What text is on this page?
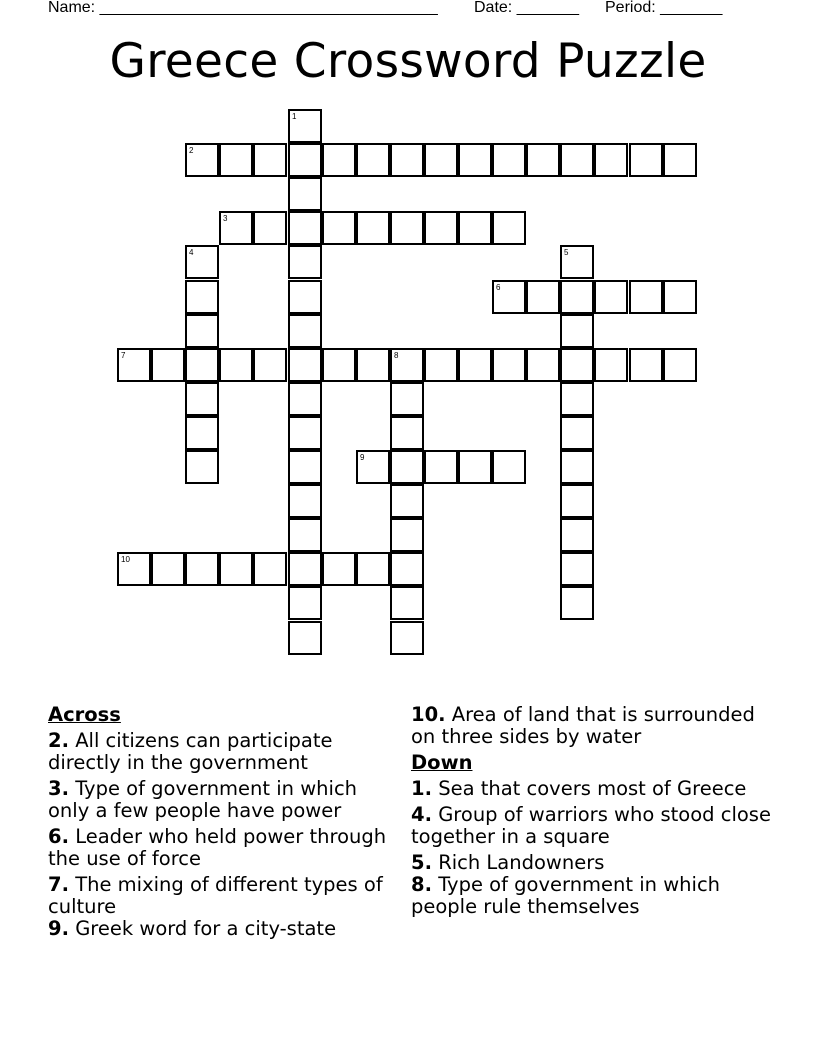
Name: ______________________________________ Date: _______ Period: _______
Greece Crossword Puzzle
1
2
3
4	5
6
7	8
9
10
Across
2. All citizens can participate directly in the government
3. Type of government in which only a few people have power
6. Leader who held power through the use of force
7. The mixing of different types of culture
9. Greek word for a city-state
10. Area of land that is surrounded on three sides by water
Down
1. Sea that covers most of Greece
4. Group of warriors who stood close together in a square
5. Rich Landowners
8. Type of government in which people rule themselves
